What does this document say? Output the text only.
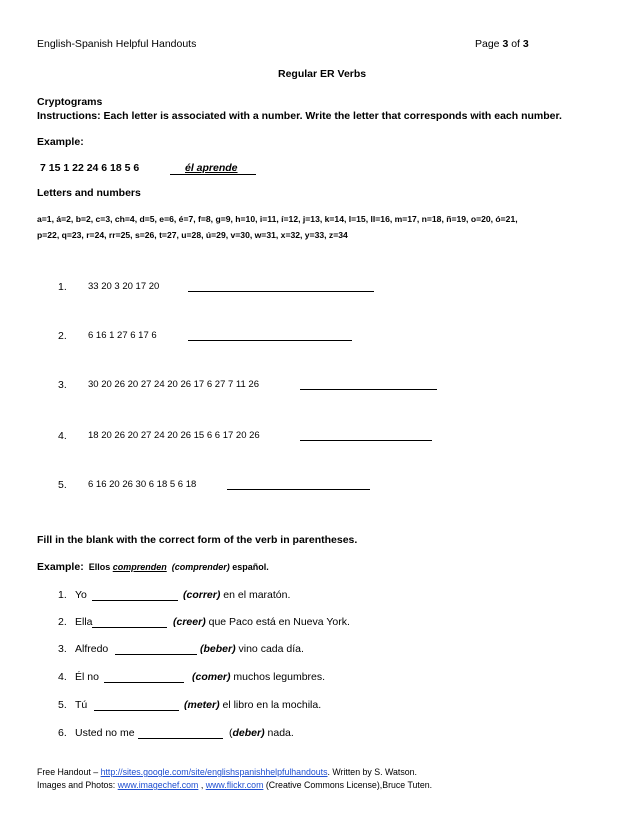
English-Spanish Helpful Handouts	Page 3 of 3
Regular ER Verbs
Cryptograms
Instructions: Each letter is associated with a number. Write the letter that corresponds with each number.
Example:
7 15 1 22 24 6 18 5 6	él aprende
Letters and numbers
a=1, á=2, b=2, c=3, ch=4, d=5, e=6, é=7, f=8, g=9, h=10, i=11, í=12, j=13, k=14, l=15, ll=16, m=17, n=18, ñ=19, o=20, ó=21,
p=22, q=23, r=24, rr=25, s=26, t=27, u=28, ú=29, v=30, w=31, x=32, y=33, z=34
1. 33 20 3 20 17 20
2. 6 16 1 27 6 17 6
3. 30 20 26 20 27 24 20 26 17 6 27 7 11 26
4. 18 20 26 20 27 24 20 26 15 6 6 17 20 26
5. 6 16 20 26 30 6 18 5 6 18
Fill in the blank with the correct form of the verb in parentheses.
Example: Ellos comprenden (comprender) español.
1. Yo	(correr) en el maratón.
2. Ella	(creer) que Paco está en Nueva York.
3. Alfredo	(beber) vino cada día.
4. Él no	(comer) muchos legumbres.
5. Tú	(meter) el libro en la mochila.
6. Usted no me	(deber) nada.
Free Handout – http://sites.google.com/site/englishspanishhelpfulhandouts. Written by S. Watson.
Images and Photos: www.imagechef.com , www.flickr.com (Creative Commons License),Bruce Tuten.
